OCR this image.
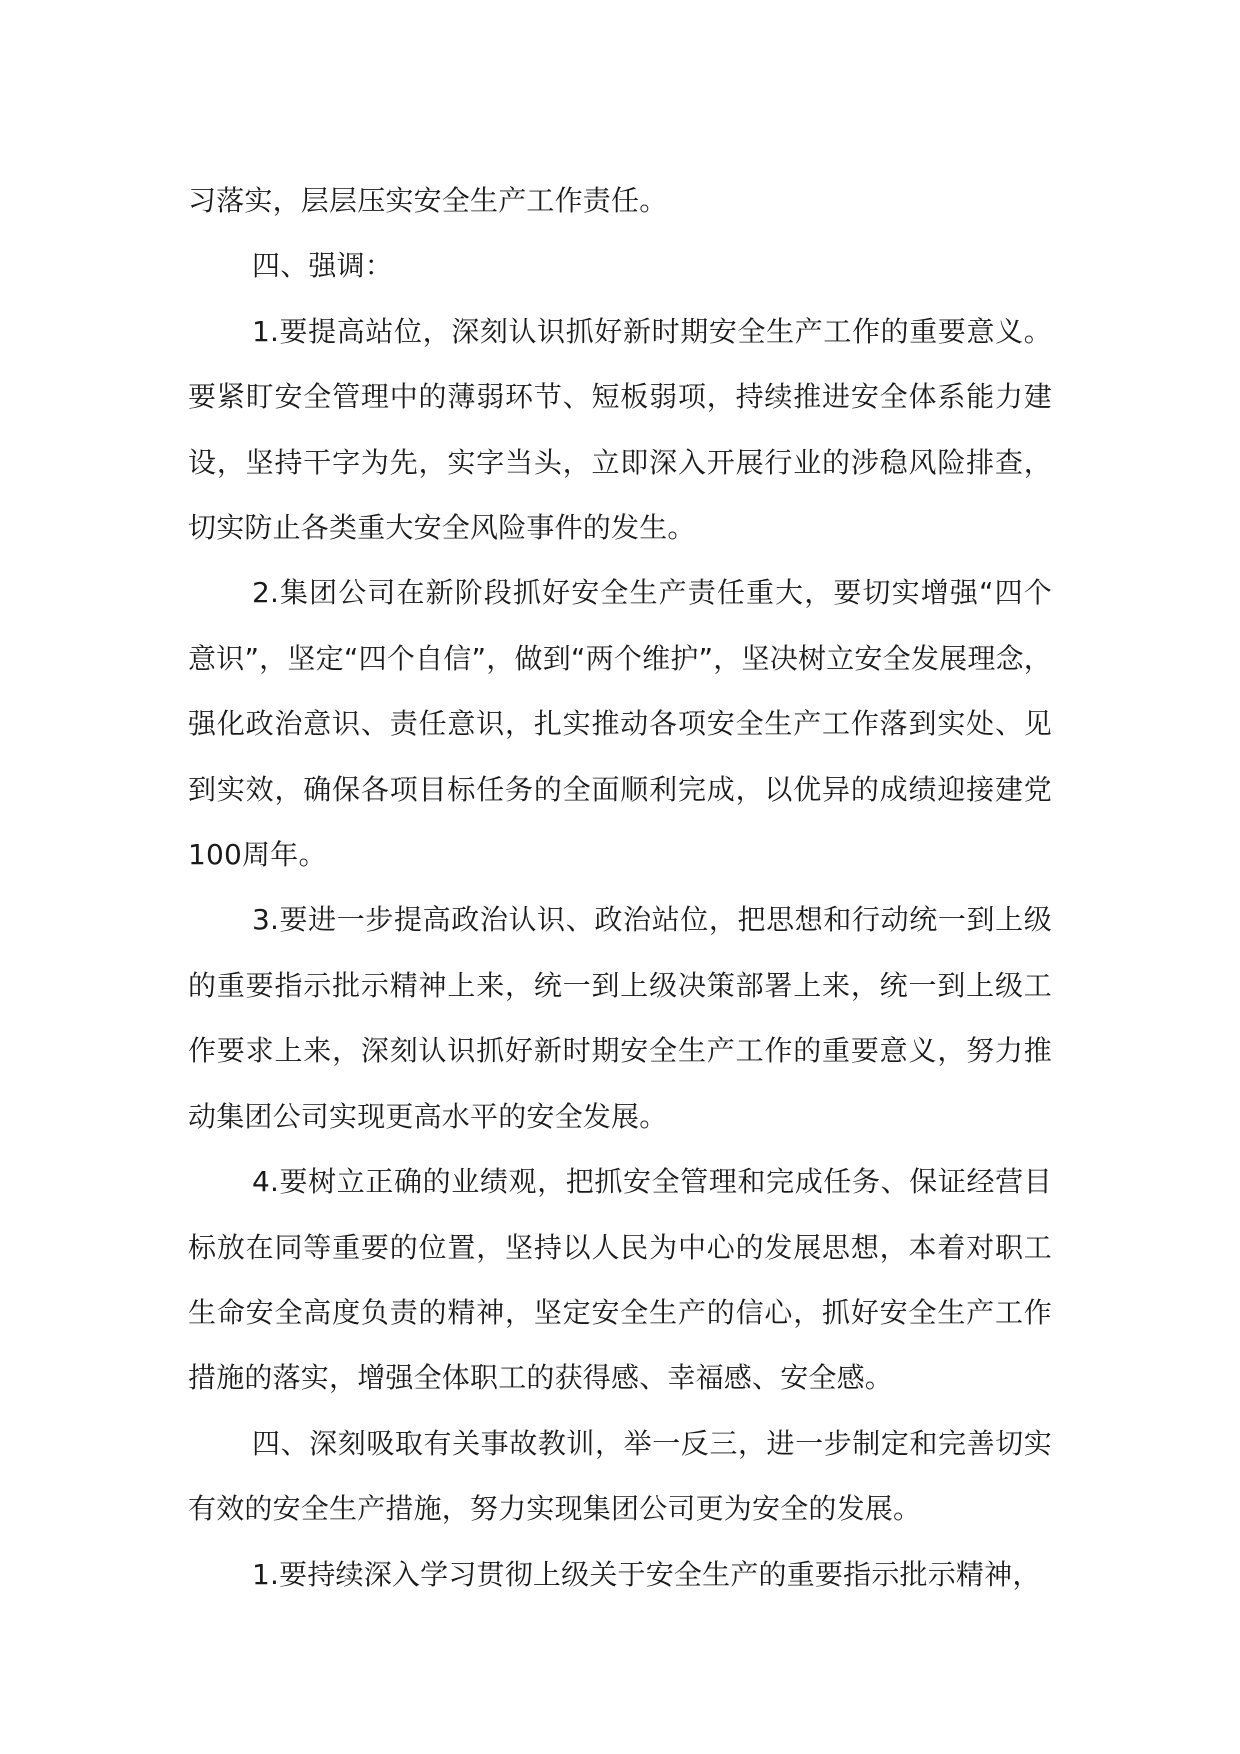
习落实，层层压实安全生产工作责任。

四、强调：

1.要提高站位，深刻认识抓好新时期安全生产工作的重要意义。要紧盯安全管理中的薄弱环节、短板弱项，持续推进安全体系能力建设，坚持干字为先，实字当头，立即深入开展行业的涉稳风险排查，切实防止各类重大安全风险事件的发生。

2.集团公司在新阶段抓好安全生产责任重大，要切实增强“四个意识”，坚定“四个自信”，做到“两个维护”，坚决树立安全发展理念，强化政治意识、责任意识，扎实推动各项安全生产工作落到实处、见到实效，确保各项目标任务的全面顺利完成，以优异的成绩迎接建党100周年。

3.要进一步提高政治认识、政治站位，把思想和行动统一到上级的重要指示批示精神上来，统一到上级决策部署上来，统一到上级工作要求上来，深刻认识抓好新时期安全生产工作的重要意义，努力推动集团公司实现更高水平的安全发展。

4.要树立正确的业绩观，把抓安全管理和完成任务、保证经营目标放在同等重要的位置，坚持以人民为中心的发展思想，本着对职工生命安全高度负责的精神，坚定安全生产的信心，抓好安全生产工作措施的落实，增强全体职工的获得感、幸福感、安全感。

四、深刻吸取有关事故教训，举一反三，进一步制定和完善切实有效的安全生产措施，努力实现集团公司更为安全的发展。

1.要持续深入学习贯彻上级关于安全生产的重要指示批示精神，
